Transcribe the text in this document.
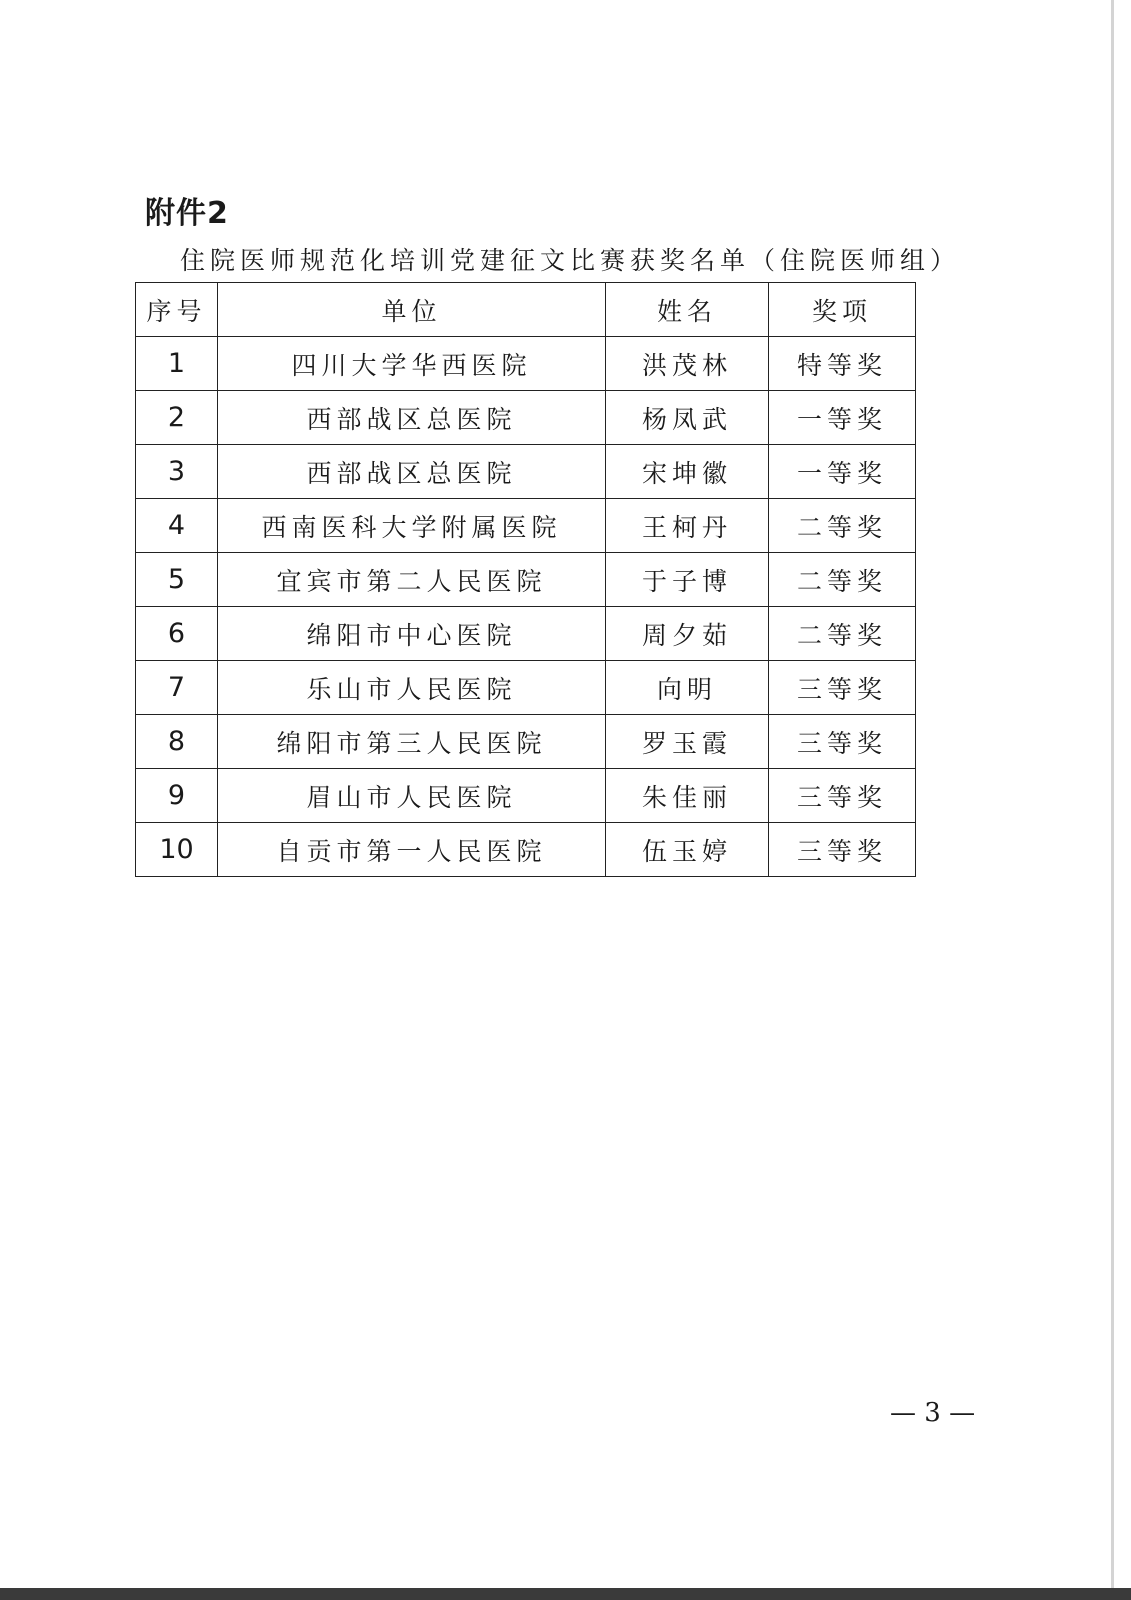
附件2
住院医师规范化培训党建征文比赛获奖名单（住院医师组）
序号	单位	姓名	奖项
1	四川大学华西医院	洪茂林	特等奖
2	西部战区总医院	杨凤武	一等奖
3	西部战区总医院	宋坤徽	一等奖
4	西南医科大学附属医院	王柯丹	二等奖
5	宜宾市第二人民医院	于子博	二等奖
6	绵阳市中心医院	周夕茹	二等奖
7	乐山市人民医院	向明	三等奖
8	绵阳市第三人民医院	罗玉霞	三等奖
9	眉山市人民医院	朱佳丽	三等奖
10	自贡市第一人民医院	伍玉婷	三等奖
— 3 —
